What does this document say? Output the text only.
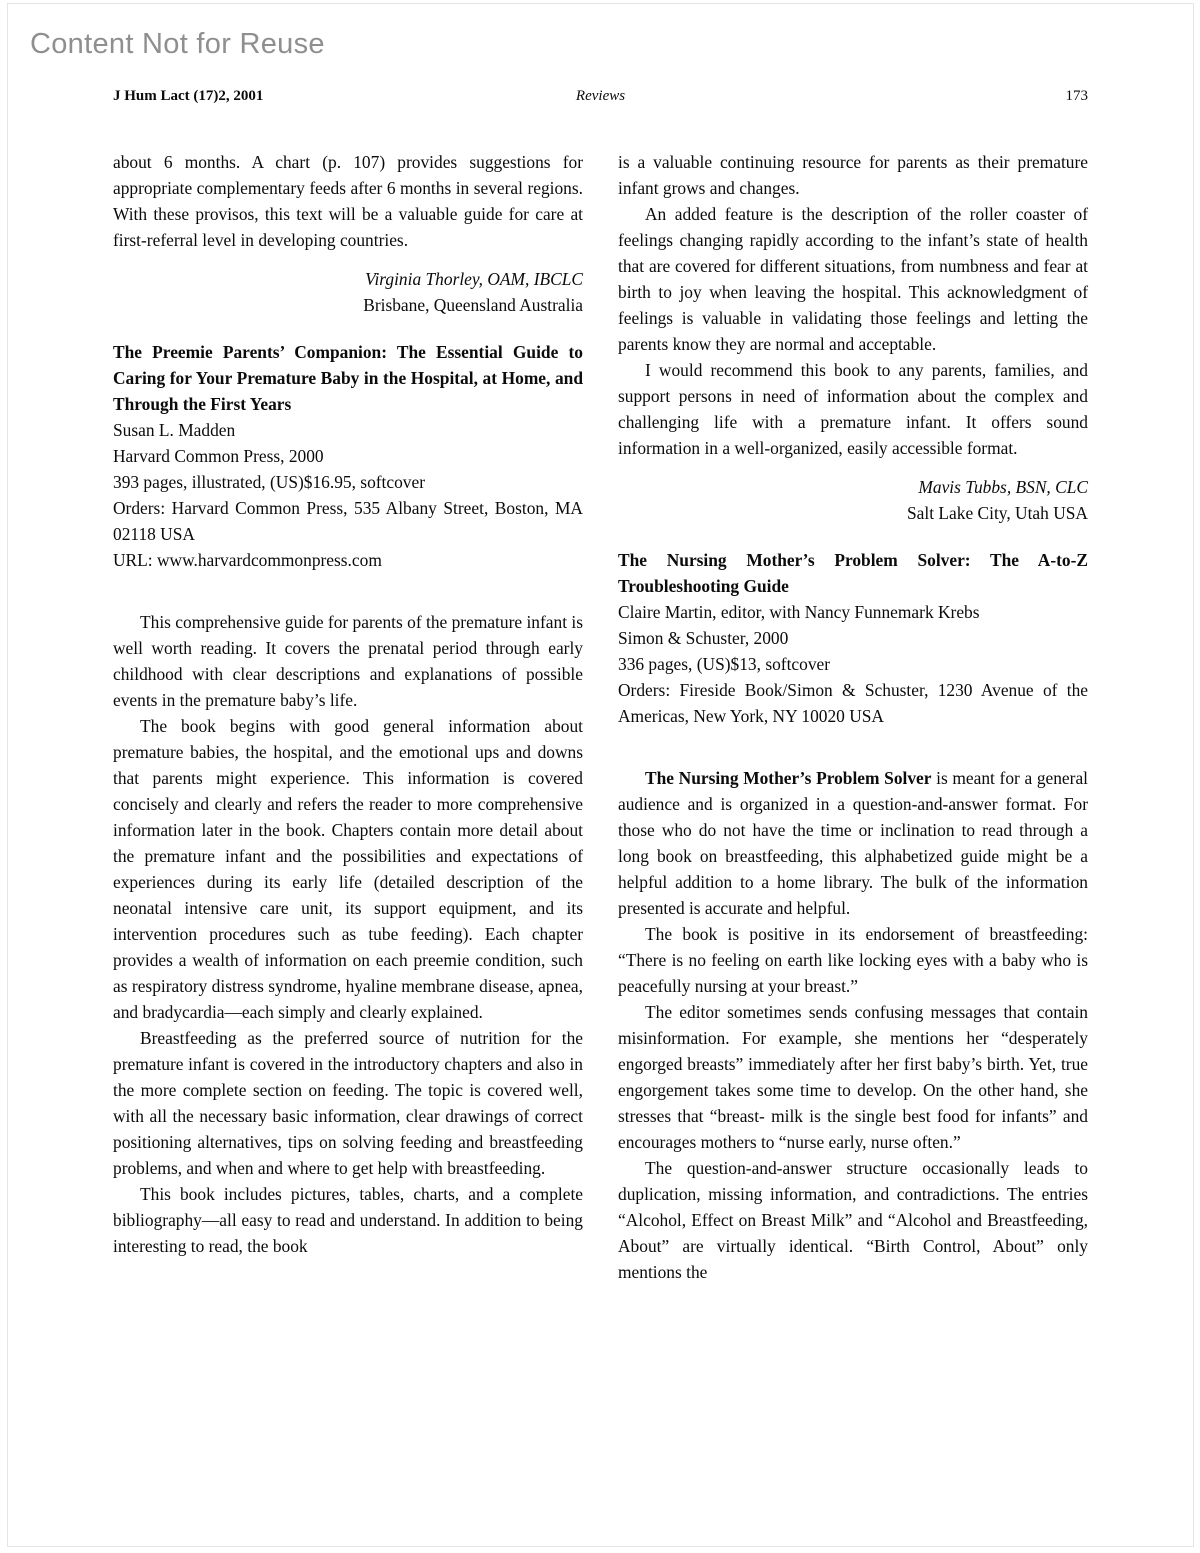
Content Not for Reuse
J Hum Lact (17)2, 2001	Reviews	173

about 6 months. A chart (p. 107) provides suggestions for appropriate complementary feeds after 6 months in several regions. With these provisos, this text will be a valuable guide for care at first-referral level in developing countries.

Virginia Thorley, OAM, IBCLC
Brisbane, Queensland Australia
The Preemie Parents’ Companion: The Essential Guide to Caring for Your Premature Baby in the Hospital, at Home, and Through the First Years
Susan L. Madden
Harvard Common Press, 2000
393 pages, illustrated, (US)$16.95, softcover
Orders: Harvard Common Press, 535 Albany Street, Boston, MA 02118 USA
URL: www.harvardcommonpress.com

This comprehensive guide for parents of the premature infant is well worth reading. It covers the prenatal period through early childhood with clear descriptions and explanations of possible events in the premature baby’s life.

The book begins with good general information about premature babies, the hospital, and the emotional ups and downs that parents might experience. This information is covered concisely and clearly and refers the reader to more comprehensive information later in the book. Chapters contain more detail about the premature infant and the possibilities and expectations of experiences during its early life (detailed description of the neonatal intensive care unit, its support equipment, and its intervention procedures such as tube feeding). Each chapter provides a wealth of information on each preemie condition, such as respiratory distress syndrome, hyaline membrane disease, apnea, and bradycardia—each simply and clearly explained.

Breastfeeding as the preferred source of nutrition for the premature infant is covered in the introductory chapters and also in the more complete section on feeding. The topic is covered well, with all the necessary basic information, clear drawings of correct positioning alternatives, tips on solving feeding and breastfeeding problems, and when and where to get help with breastfeeding.

This book includes pictures, tables, charts, and a complete bibliography—all easy to read and understand. In addition to being interesting to read, the book

is a valuable continuing resource for parents as their premature infant grows and changes.

An added feature is the description of the roller coaster of feelings changing rapidly according to the infant’s state of health that are covered for different situations, from numbness and fear at birth to joy when leaving the hospital. This acknowledgment of feelings is valuable in validating those feelings and letting the parents know they are normal and acceptable.

I would recommend this book to any parents, families, and support persons in need of information about the complex and challenging life with a premature infant. It offers sound information in a well-organized, easily accessible format.

Mavis Tubbs, BSN, CLC
Salt Lake City, Utah USA
The Nursing Mother’s Problem Solver: The A-to-Z Troubleshooting Guide
Claire Martin, editor, with Nancy Funnemark Krebs
Simon & Schuster, 2000
336 pages, (US)$13, softcover
Orders: Fireside Book/Simon & Schuster, 1230 Avenue of the Americas, New York, NY 10020 USA

The Nursing Mother’s Problem Solver is meant for a general audience and is organized in a question-and-answer format. For those who do not have the time or inclination to read through a long book on breastfeeding, this alphabetized guide might be a helpful addition to a home library. The bulk of the information presented is accurate and helpful.

The book is positive in its endorsement of breastfeeding: “There is no feeling on earth like locking eyes with a baby who is peacefully nursing at your breast.”

The editor sometimes sends confusing messages that contain misinformation. For example, she mentions her “desperately engorged breasts” immediately after her first baby’s birth. Yet, true engorgement takes some time to develop. On the other hand, she stresses that “breast- milk is the single best food for infants” and encourages mothers to “nurse early, nurse often.”

The question-and-answer structure occasionally leads to duplication, missing information, and contradictions. The entries “Alcohol, Effect on Breast Milk” and “Alcohol and Breastfeeding, About” are virtually identical. “Birth Control, About” only mentions the
